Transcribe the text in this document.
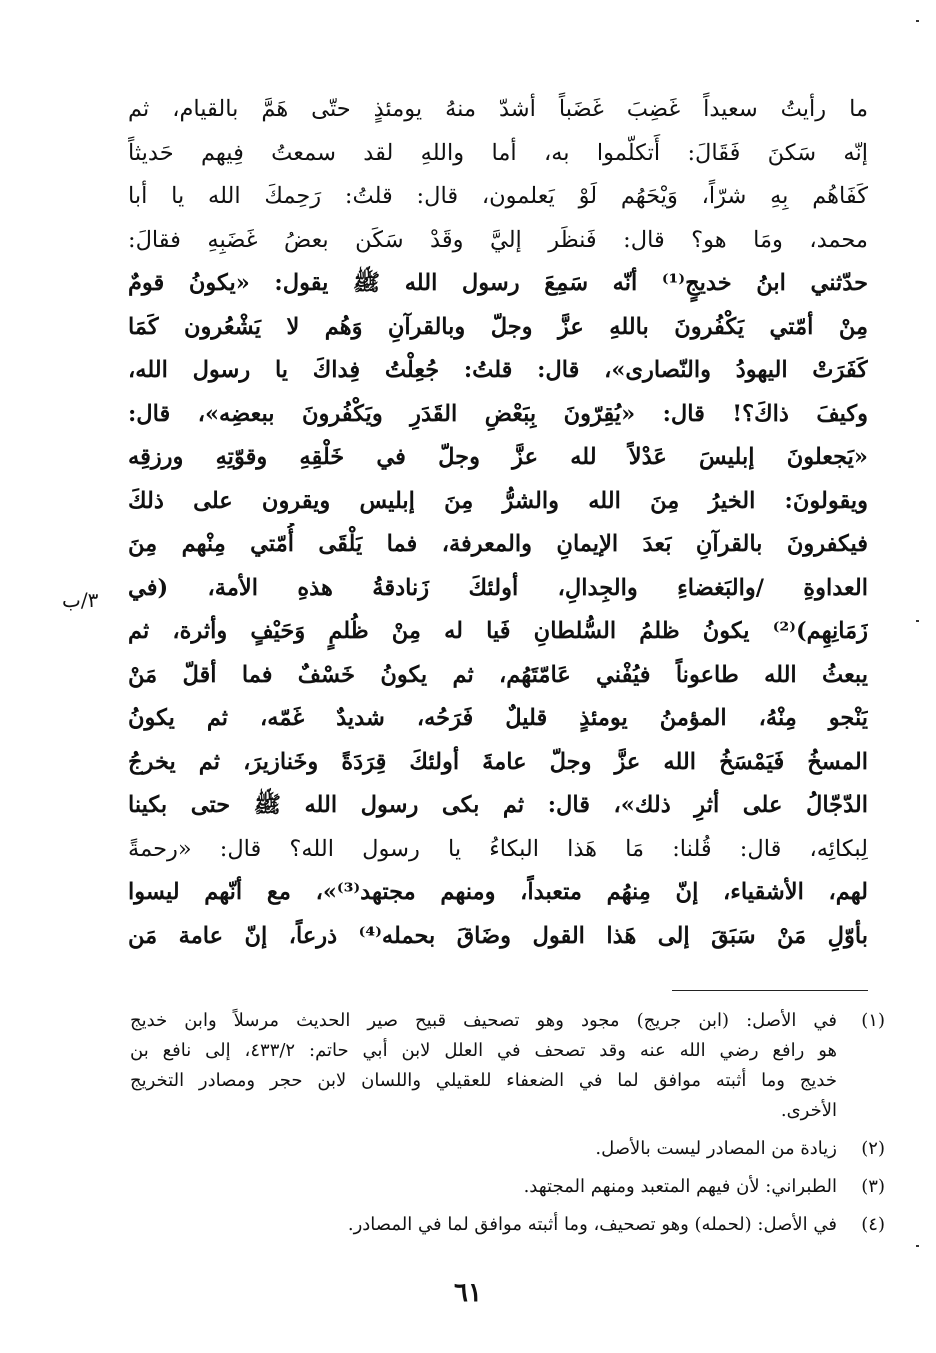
ما رأيتُ سعيداً غَضِبَ غَضَباً أشدّ منهُ يومئذٍ حتّى هَمَّ بالقيام، ثم
إنّه سَكنَ فَقَالَ: أَتكلّموا به، أما واللهِ لقد سمعتُ فِيهم حَديثاً
كَفَاهُم بِهِ شرّاً، وَيْحَهُم لَوْ يَعلمون، قال: قلتُ: رَحِمكَ الله يا أبا
محمد، ومَا هو؟ قال: فَنظَر إليَّ وقَدْ سَكَن بعضُ غَضَبِهِ فقالَ:
حدّثني ابنُ خديجٍ⁽¹⁾ أنّه سَمِعَ رسول الله ﷺ يقول: «يكونُ قومٌ
مِنْ أمّتي يَكْفُرونَ باللهِ عزَّ وجلّ وبالقرآنِ وَهُم لا يَشْعُرون كَمَا
كَفَرَتْ اليهودُ والنّصارى»، قال: قلتُ: جُعِلْتُ فِداكَ يا رسول الله،
وكيفَ ذاكَ؟! قال: «يُقِرّونَ بِبَعْضِ القَدَرِ ويَكْفُرونَ ببعضِه»، قال:
«يَجعلونَ إبليسَ عَدْلاً لله عزَّ وجلّ في خَلْقِهِ وقوّتِهِ ورزقِه
ويقولونَ: الخيرُ مِنَ الله والشرُّ مِنَ إبليس ويقرون على ذلكَ
فيكفرونَ بالقرآنِ بَعدَ الإيمانِ والمعرفة، فما يَلْقَى أُمّتي مِنْهم مِنَ
العداوةِ /والبَغضاءِ والجِدالِ، أولئكَ زَنادقةُ هذهِ الأمة، (في
زَمَانِهِم)⁽²⁾ يكونُ ظلمُ السُّلطانِ فَيا له مِنْ ظُلمٍ وَحَيْفٍ وأثرة، ثم
يبعثُ الله طاعوناً فيُفْني عَامّتَهُم، ثم يكونُ خَسْفٌ فما أقلّ مَنْ
يَنْجو مِنْهُ، المؤمنُ يومئذٍ قليلٌ فَرَحُه، شديدٌ غَمّه، ثم يكونُ
المسخُ فَيَمْسَخُ الله عزَّ وجلّ عامةَ أولئكَ قِرَدَةً وخَنازيرَ، ثم يخرجُ
الدّجّالُ على أثرِ ذلك»، قال: ثم بكى رسول الله ﷺ حتى بكينا
لِبكائِه، قال: قُلنا: مَا هَذا البكاءُ يا رسول الله؟ قال: «رحمةً
لهم، الأشقياء، إنّ مِنهُم متعبداً، ومنهم مجتهد⁽³⁾»، مع أنّهم ليسوا
بأوّلِ مَنْ سَبَقَ إلى هَذا القول وضَاقَ بحمله⁽⁴⁾ ذرعاً، إنّ عامة مَن
٣/ب
(١)
في الأصل: (ابن جريج) مجود وهو تصحيف قبيح صير الحديث مرسلاً وابن خديج
هو رافع رضي الله عنه وقد تصحف في العلل لابن أبي حاتم: ٤٣٣/٢، إلى نافع بن
خديج وما أثبته موافق لما في الضعفاء للعقيلي واللسان لابن حجر ومصادر التخريج
الأخرى.
(٢)
زيادة من المصادر ليست بالأصل.
(٣)
الطبراني: لأن فيهم المتعبد ومنهم المجتهد.
(٤)
في الأصل: (لحمله) وهو تصحيف، وما أثبته موافق لما في المصادر.
٦١
